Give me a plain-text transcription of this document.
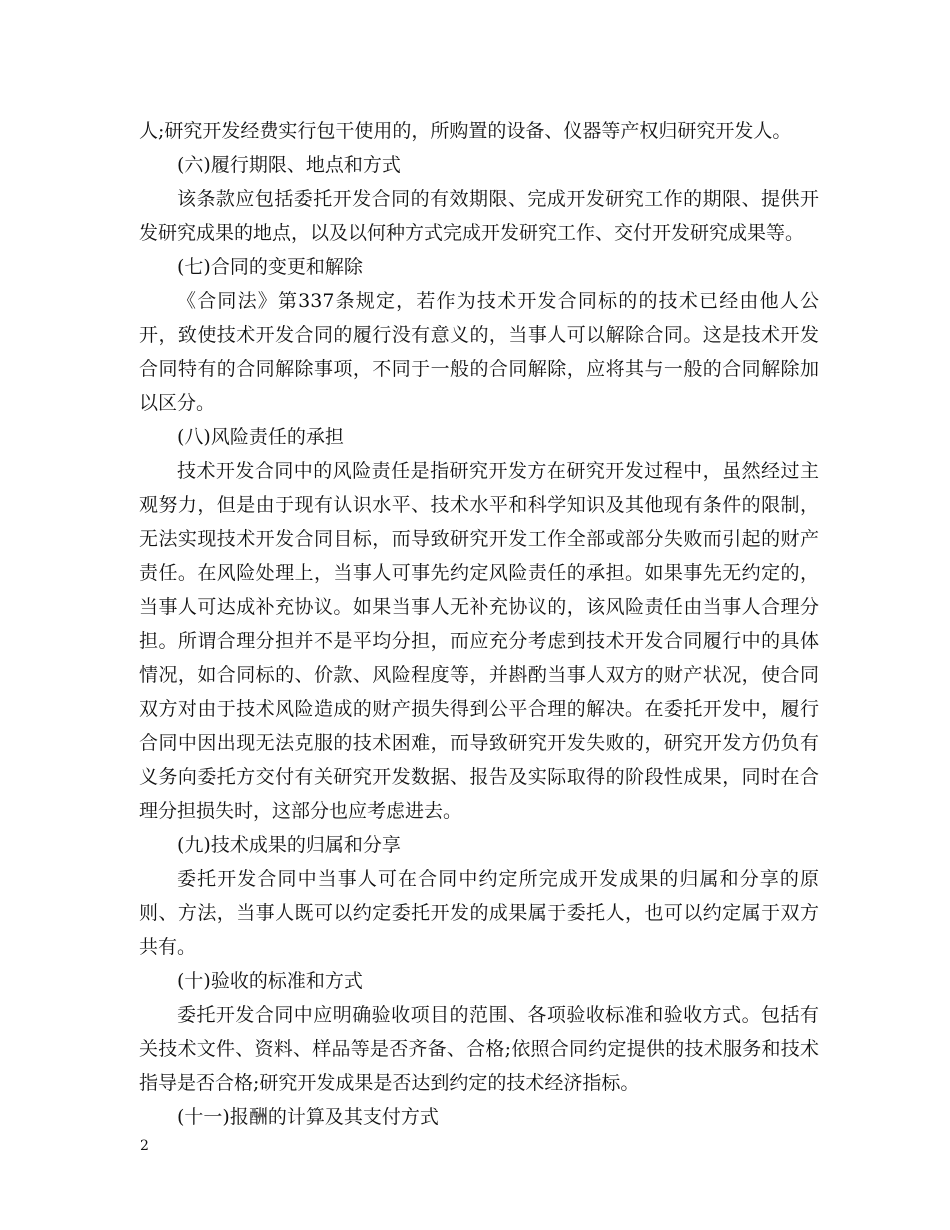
人;研究开发经费实行包干使用的，所购置的设备、仪器等产权归研究开发人。

(六)履行期限、地点和方式

该条款应包括委托开发合同的有效期限、完成开发研究工作的期限、提供开发研究成果的地点，以及以何种方式完成开发研究工作、交付开发研究成果等。

(七)合同的变更和解除

《合同法》第337条规定，若作为技术开发合同标的的技术已经由他人公开，致使技术开发合同的履行没有意义的，当事人可以解除合同。这是技术开发合同特有的合同解除事项，不同于一般的合同解除，应将其与一般的合同解除加以区分。

(八)风险责任的承担

技术开发合同中的风险责任是指研究开发方在研究开发过程中，虽然经过主观努力，但是由于现有认识水平、技术水平和科学知识及其他现有条件的限制，无法实现技术开发合同目标，而导致研究开发工作全部或部分失败而引起的财产责任。在风险处理上，当事人可事先约定风险责任的承担。如果事先无约定的，当事人可达成补充协议。如果当事人无补充协议的，该风险责任由当事人合理分担。所谓合理分担并不是平均分担，而应充分考虑到技术开发合同履行中的具体情况，如合同标的、价款、风险程度等，并斟酌当事人双方的财产状况，使合同双方对由于技术风险造成的财产损失得到公平合理的解决。在委托开发中，履行合同中因出现无法克服的技术困难，而导致研究开发失败的，研究开发方仍负有义务向委托方交付有关研究开发数据、报告及实际取得的阶段性成果，同时在合理分担损失时，这部分也应考虑进去。

(九)技术成果的归属和分享

委托开发合同中当事人可在合同中约定所完成开发成果的归属和分享的原则、方法，当事人既可以约定委托开发的成果属于委托人，也可以约定属于双方共有。

(十)验收的标准和方式

委托开发合同中应明确验收项目的范围、各项验收标准和验收方式。包括有关技术文件、资料、样品等是否齐备、合格;依照合同约定提供的技术服务和技术指导是否合格;研究开发成果是否达到约定的技术经济指标。

(十一)报酬的计算及其支付方式

2
